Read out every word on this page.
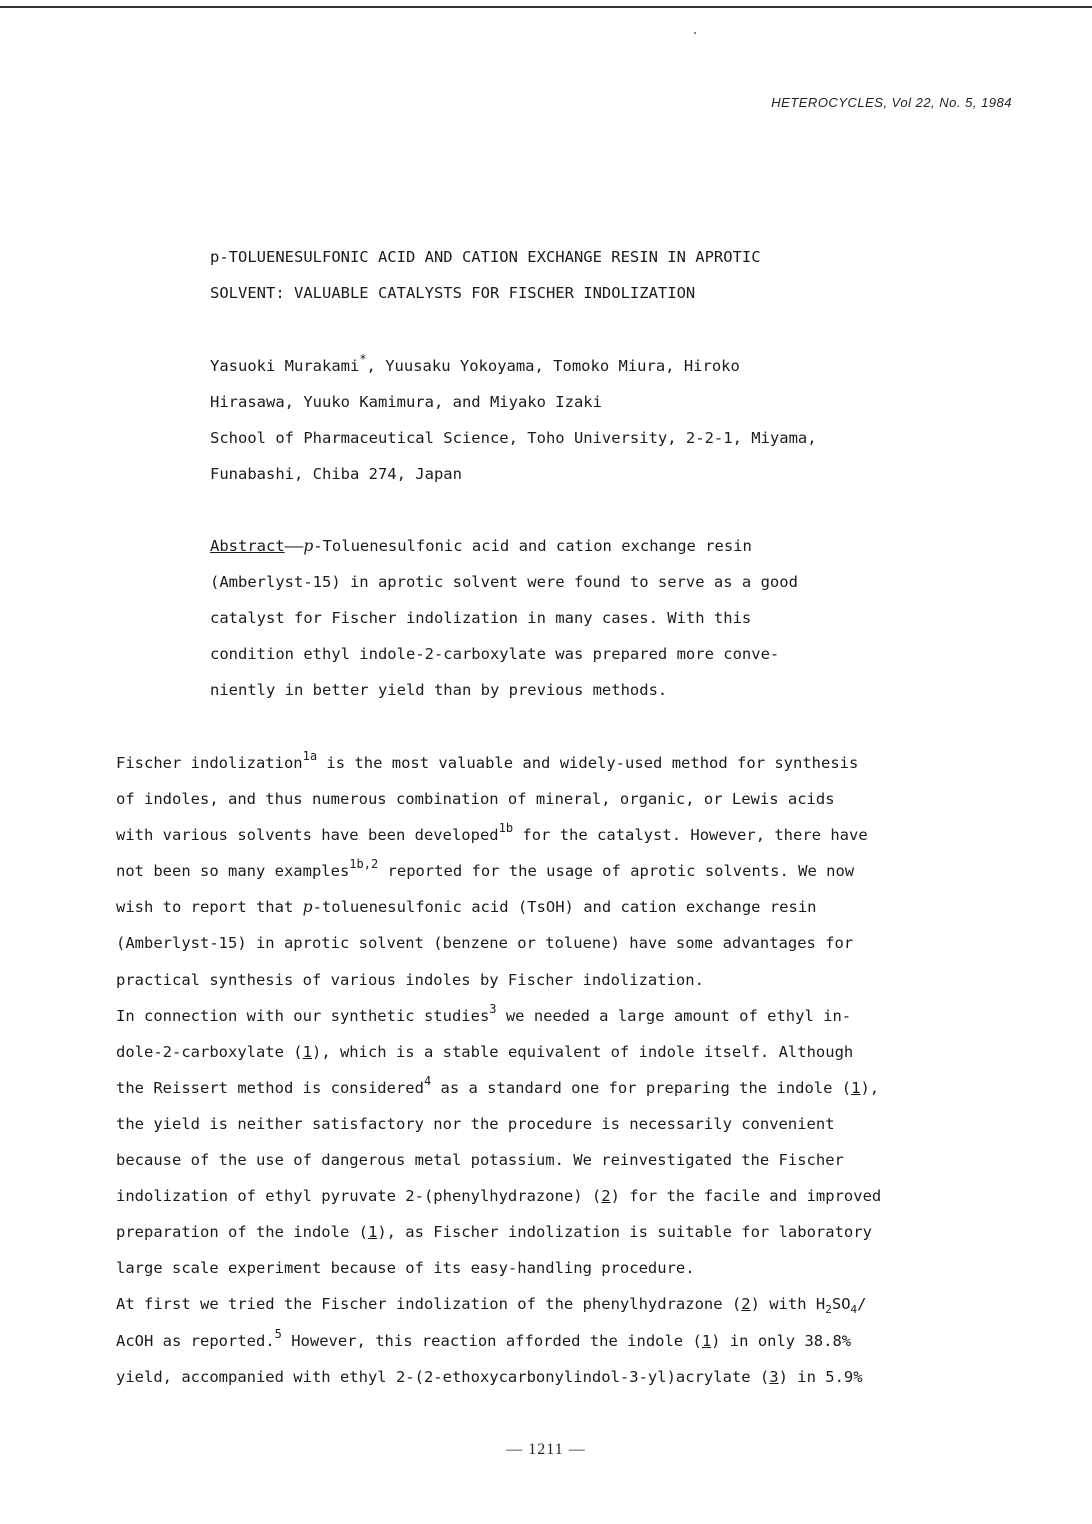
HETEROCYCLES, Vol 22, No. 5, 1984
p-TOLUENESULFONIC ACID AND CATION EXCHANGE RESIN IN APROTIC
SOLVENT: VALUABLE CATALYSTS FOR FISCHER INDOLIZATION
Yasuoki Murakami*, Yuusaku Yokoyama, Tomoko Miura, Hiroko
Hirasawa, Yuuko Kamimura, and Miyako Izaki
School of Pharmaceutical Science, Toho University, 2-2-1, Miyama,
Funabashi, Chiba 274, Japan
Abstract——p-Toluenesulfonic acid and cation exchange resin
(Amberlyst-15) in aprotic solvent were found to serve as a good
catalyst for Fischer indolization in many cases. With this
condition ethyl indole-2-carboxylate was prepared more conve-
niently in better yield than by previous methods.
Fischer indolization$^{1a}$ is the most valuable and widely-used method for synthesis
of indoles, and thus numerous combination of mineral, organic, or Lewis acids
with various solvents have been developed$^{1b}$ for the catalyst. However, there have
not been so many examples$^{1b,2}$ reported for the usage of aprotic solvents. We now
wish to report that p-toluenesulfonic acid (TsOH) and cation exchange resin
(Amberlyst-15) in aprotic solvent (benzene or toluene) have some advantages for
practical synthesis of various indoles by Fischer indolization.
In connection with our synthetic studies$^3$ we needed a large amount of ethyl in-
dole-2-carboxylate (1), which is a stable equivalent of indole itself. Although
the Reissert method is considered$^4$ as a standard one for preparing the indole (1),
the yield is neither satisfactory nor the procedure is necessarily convenient
because of the use of dangerous metal potassium. We reinvestigated the Fischer
indolization of ethyl pyruvate 2-(phenylhydrazone) (2) for the facile and improved
preparation of the indole (1), as Fischer indolization is suitable for laboratory
large scale experiment because of its easy-handling procedure.
At first we tried the Fischer indolization of the phenylhydrazone (2) with $H_2SO_4/$
AcOH as reported.$^5$ However, this reaction afforded the indole (1) in only 38.8%
yield, accompanied with ethyl 2-(2-ethoxycarbonylindol-3-yl)acrylate (3) in 5.9%
— 1211 —
